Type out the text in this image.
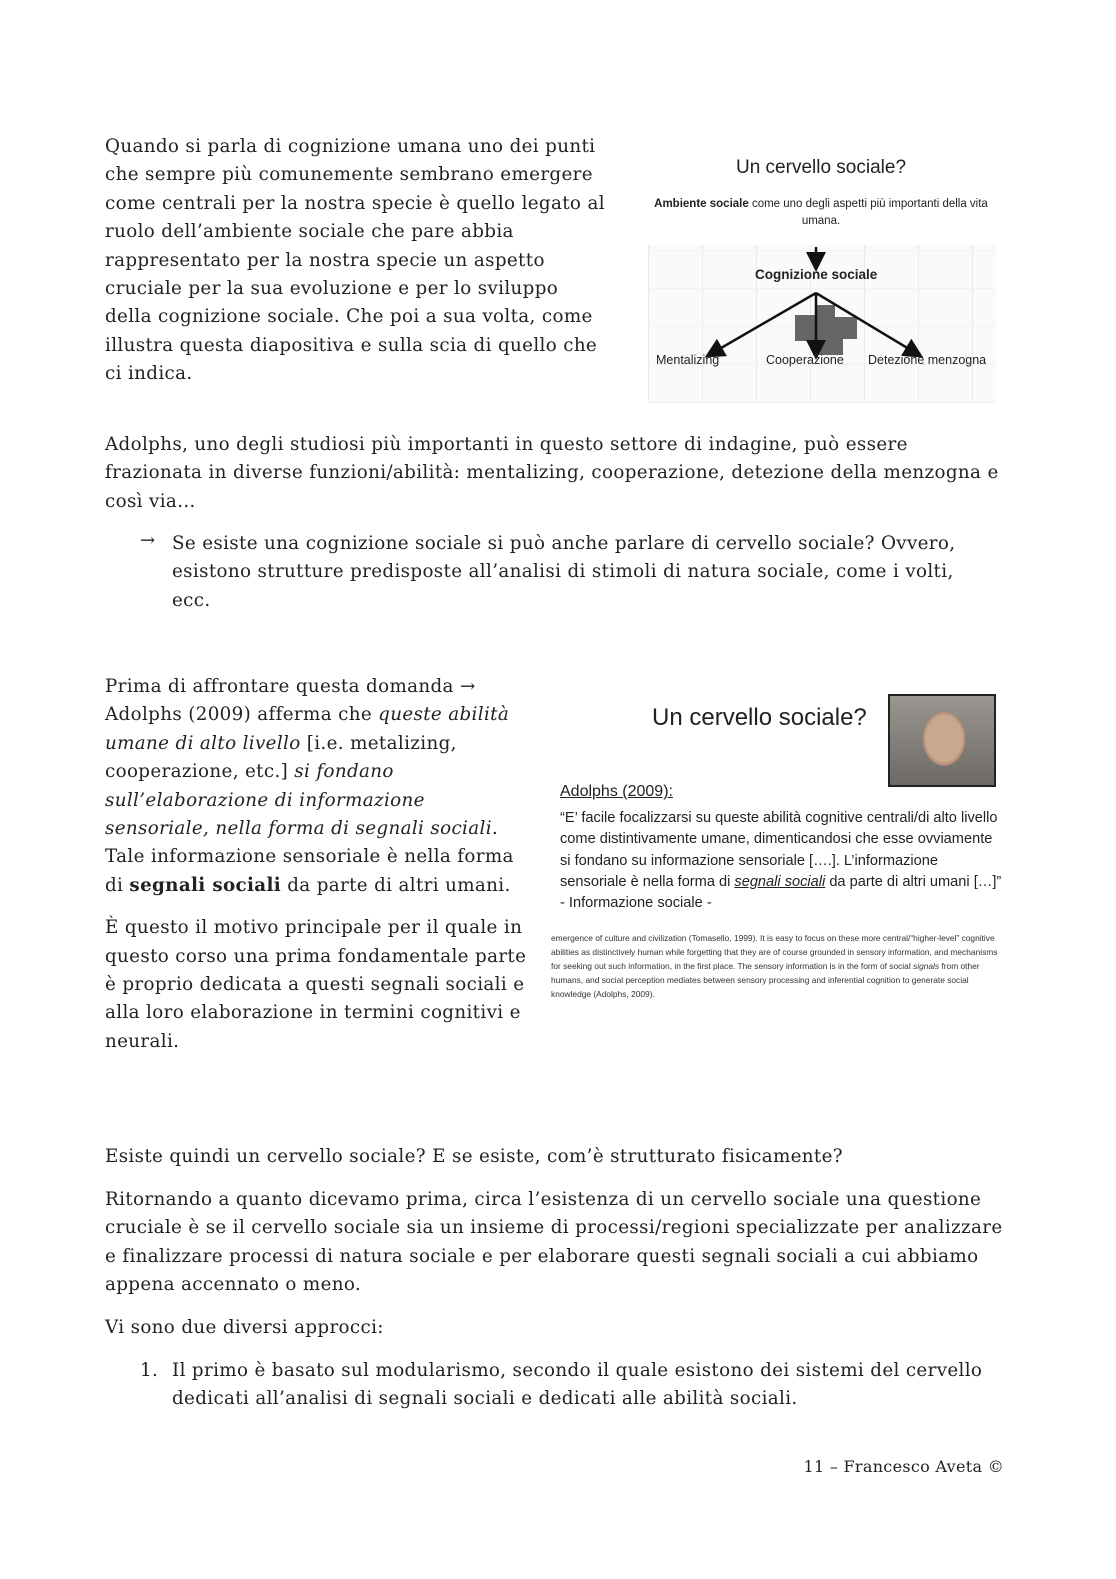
Quando si parla di cognizione umana uno dei punti che sempre più comunemente sembrano emergere come centrali per la nostra specie è quello legato al ruolo dell’ambiente sociale che pare abbia rappresentato per la nostra specie un aspetto cruciale per la sua evoluzione e per lo sviluppo della cognizione sociale. Che poi a sua volta, come illustra questa diapositiva e sulla scia di quello che ci indica.

Un cervello sociale?
Ambiente sociale come uno degli aspetti più importanti della vita umana.
Cognizione sociale
Mentalizing	Cooperazione Detezione menzogna

Adolphs, uno degli studiosi più importanti in questo settore di indagine, può essere frazionata in diverse funzioni/abilità: mentalizing, cooperazione, detezione della menzogna e così via…

→ Se esiste una cognizione sociale si può anche parlare di cervello sociale? Ovvero, esistono strutture predisposte all’analisi di stimoli di natura sociale, come i volti, ecc.

Prima di affrontare questa domanda → Adolphs (2009) afferma che queste abilità umane di alto livello [i.e. metalizing, cooperazione, etc.] si fondano sull’elaborazione di informazione sensoriale, nella forma di segnali sociali.
Tale informazione sensoriale è nella forma di segnali sociali da parte di altri umani.

È questo il motivo principale per il quale in questo corso una prima fondamentale parte è proprio dedicata a questi segnali sociali e alla loro elaborazione in termini cognitivi e neurali.

Un cervello sociale?
Adolphs (2009):
“E’ facile focalizzarsi su queste abilità cognitive centrali/di alto livello come distintivamente umane, dimenticandosi che esse ovviamente si fondano su informazione sensoriale [….]. L’informazione sensoriale è nella forma di segnali sociali da parte di altri umani […]” - Informazione sociale -
emergence of culture and civilization (Tomasello, 1999). It is easy to focus on these more central/“higher-level” cognitive abilities as distinctively human while forgetting that they are of course grounded in sensory information, and mechanisms for seeking out such information, in the first place. The sensory information is in the form of social signals from other humans, and social perception mediates between sensory processing and inferential cognition to generate social knowledge (Adolphs, 2009).

Esiste quindi un cervello sociale? E se esiste, com’è strutturato fisicamente?

Ritornando a quanto dicevamo prima, circa l’esistenza di un cervello sociale una questione cruciale è se il cervello sociale sia un insieme di processi/regioni specializzate per analizzare e finalizzare processi di natura sociale e per elaborare questi segnali sociali a cui abbiamo appena accennato o meno.

Vi sono due diversi approcci:

1. Il primo è basato sul modularismo, secondo il quale esistono dei sistemi del cervello dedicati all’analisi di segnali sociali e dedicati alle abilità sociali.

11 – Francesco Aveta ©
